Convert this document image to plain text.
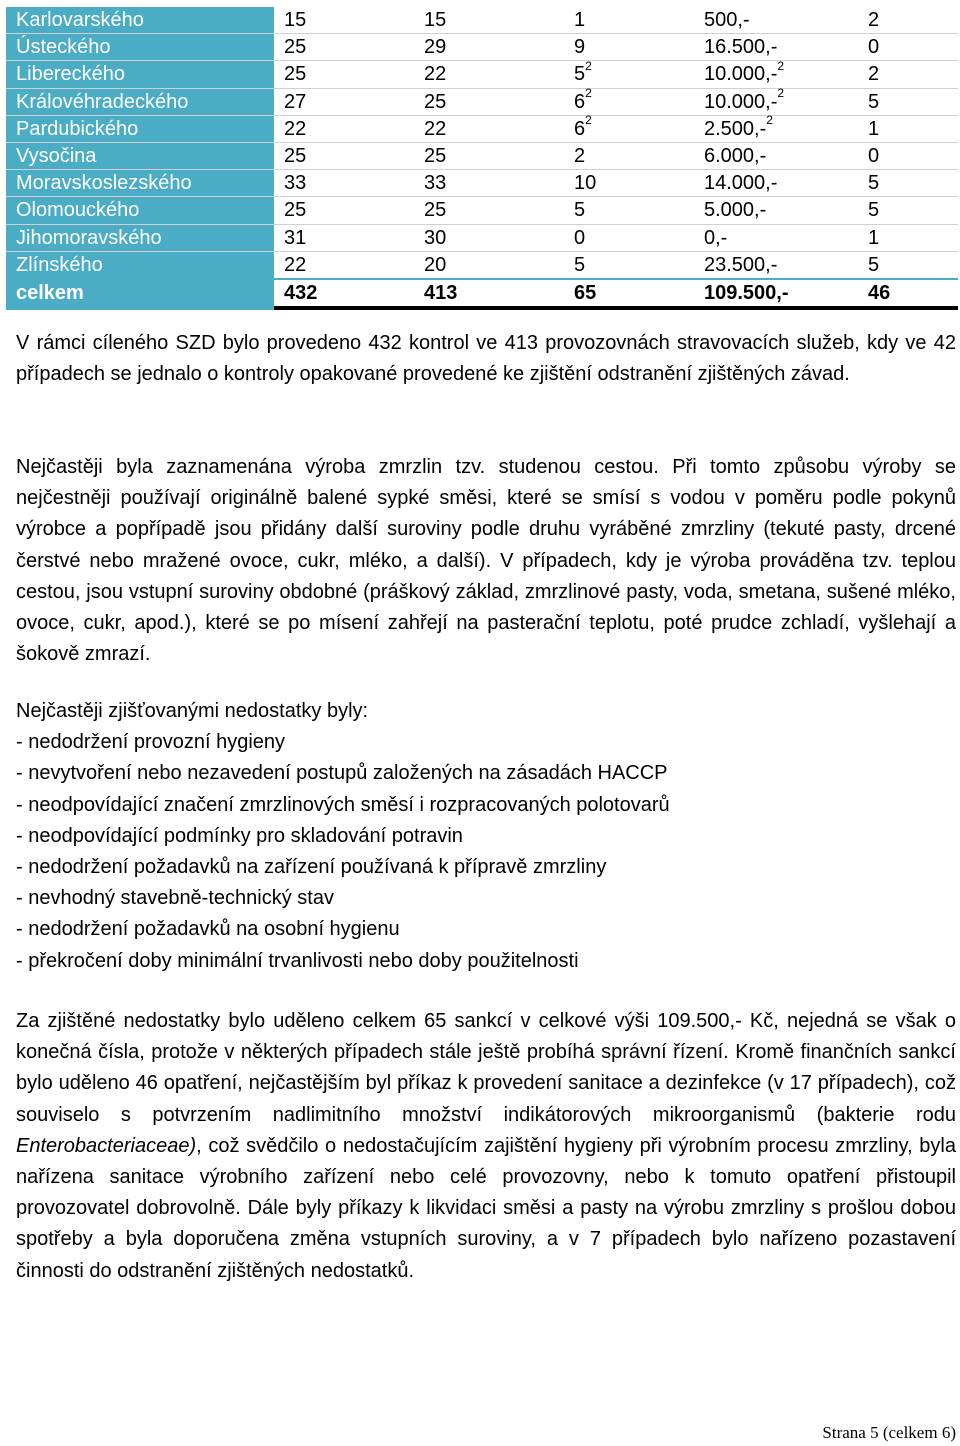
Karlovarského	15	15	1	500,-	2
Ústeckého	25	29	9	16.500,-	0
Libereckého	25	22	$5^2$	10.000,-$^2$	2
Královéhradeckého	27	25	$6^2$	10.000,-$^2$	5
Pardubického	22	22	$6^2$	2.500,-$^2$	1
Vysočina	25	25	2	6.000,-	0
Moravskoslezského	33	33	10	14.000,-	5
Olomouckého	25	25	5	5.000,-	5
Jihomoravského	31	30	0	0,-	1
Zlínského	22	20	5	23.500,-	5
celkem	432	413	65	109.500,-	46

V rámci cíleného SZD bylo provedeno 432 kontrol ve 413 provozovnách stravovacích služeb, kdy ve 42 případech se jednalo o kontroly opakované provedené ke zjištění odstranění zjištěných závad.

Nejčastěji byla zaznamenána výroba zmrzlin tzv. studenou cestou. Při tomto způsobu výroby se nejčestněji používají originálně balené sypké směsi, které se smísí s vodou v poměru podle pokynů výrobce a popřípadě jsou přidány další suroviny podle druhu vyráběné zmrzliny (tekuté pasty, drcené čerstvé nebo mražené ovoce, cukr, mléko, a další). V případech, kdy je výroba prováděna tzv. teplou cestou, jsou vstupní suroviny obdobné (práškový základ, zmrzlinové pasty, voda, smetana, sušené mléko, ovoce, cukr, apod.), které se po mísení zahřejí na pasterační teplotu, poté prudce zchladí, vyšlehají a šokově zmrazí.

Nejčastěji zjišťovanými nedostatky byly:
- nedodržení provozní hygieny
- nevytvoření nebo nezavedení postupů založených na zásadách HACCP
- neodpovídající značení zmrzlinových směsí i rozpracovaných polotovarů
- neodpovídající podmínky pro skladování potravin
- nedodržení požadavků na zařízení používaná k přípravě zmrzliny
- nevhodný stavebně-technický stav
- nedodržení požadavků na osobní hygienu
- překročení doby minimální trvanlivosti nebo doby použitelnosti

Za zjištěné nedostatky bylo uděleno celkem 65 sankcí v celkové výši 109.500,- Kč, nejedná se však o konečná čísla, protože v některých případech stále ještě probíhá správní řízení. Kromě finančních sankcí bylo uděleno 46 opatření, nejčastějším byl příkaz k provedení sanitace a dezinfekce (v 17 případech), což souviselo s potvrzením nadlimitního množství indikátorových mikroorganismů (bakterie rodu Enterobacteriaceae), což svědčilo o nedostačujícím zajištění hygieny při výrobním procesu zmrzliny, byla nařízena sanitace výrobního zařízení nebo celé provozovny, nebo k tomuto opatření přistoupil provozovatel dobrovolně. Dále byly příkazy k likvidaci směsi a pasty na výrobu zmrzliny s prošlou dobou spotřeby a byla doporučena změna vstupních suroviny, a v 7 případech bylo nařízeno pozastavení činnosti do odstranění zjištěných nedostatků.

Strana 5 (celkem 6)
